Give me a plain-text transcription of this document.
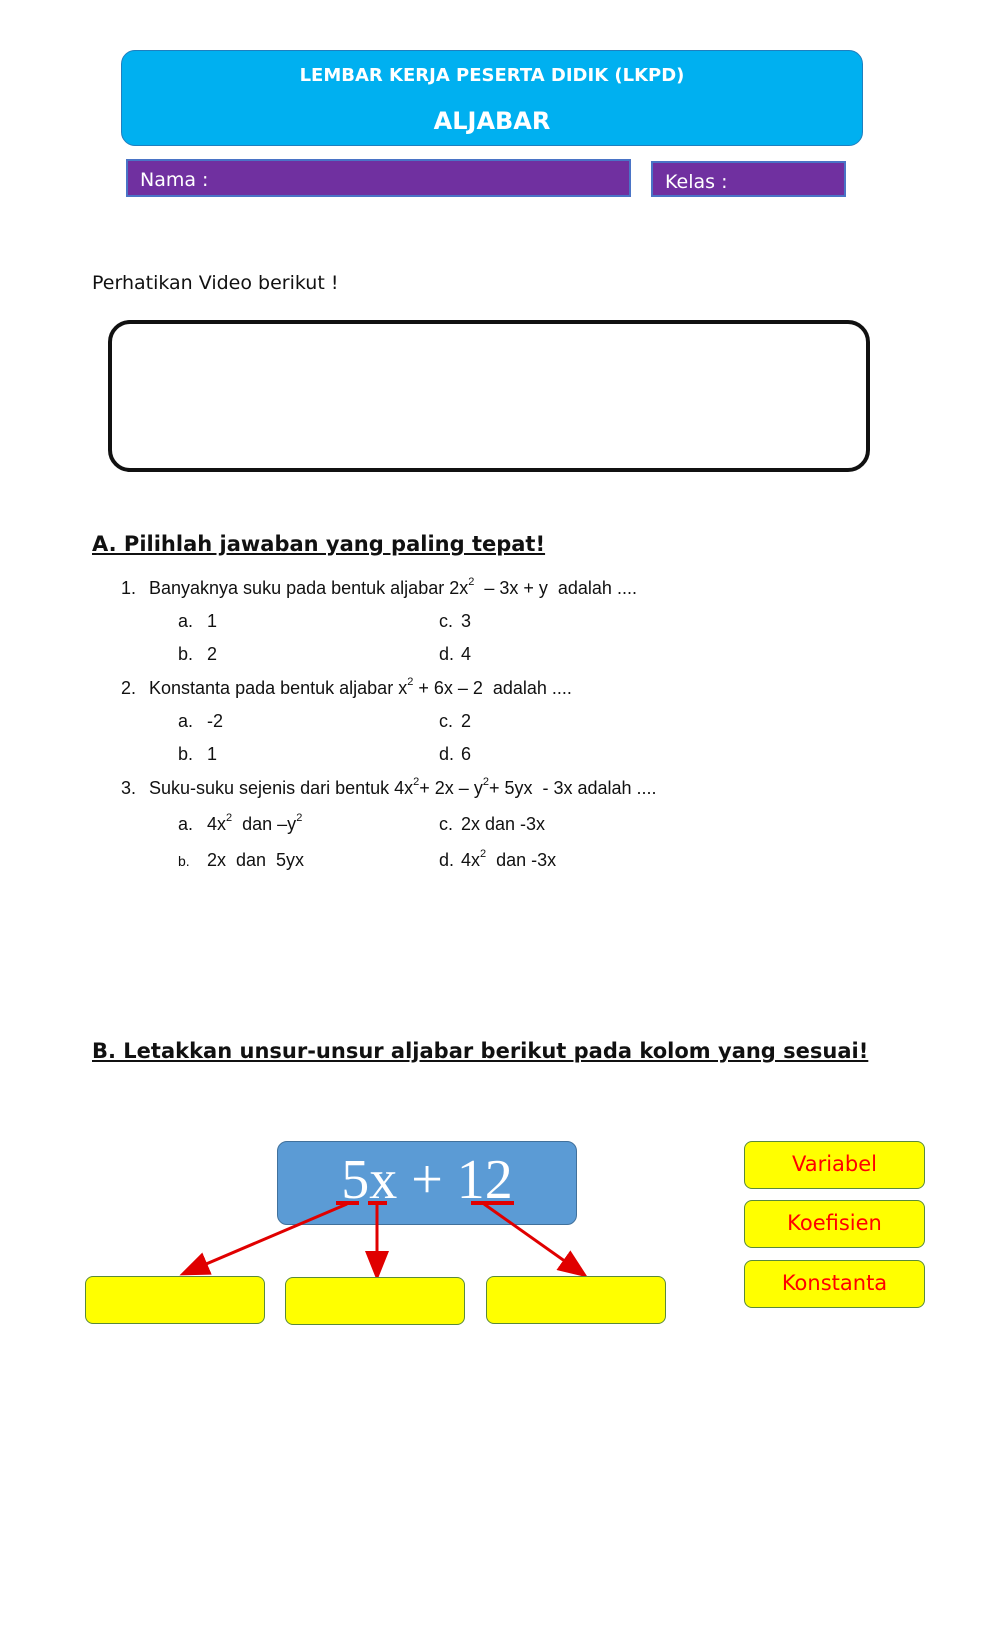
LEMBAR KERJA PESERTA DIDIK (LKPD)
ALJABAR
Nama :	Kelas :
Perhatikan Video berikut !
A. Pilihlah jawaban yang paling tepat!
1. Banyaknya suku pada bentuk aljabar $2x^2 - 3x + y$  adalah ....
a. 1	c. 3
b. 2	d. 4
2. Konstanta pada bentuk aljabar $x^2 + 6x - 2$  adalah ....
a. -2	c. 2
b. 1	d. 6
3. Suku-suku sejenis dari bentuk $4x^2+ 2x - y^2+ 5yx - 3x$ adalah ....
a. $4x^2$  dan $-y^2$	c. 2x dan -3x
b. 2x  dan  5yx	d. $4x^2$  dan -3x
B. Letakkan unsur-unsur aljabar berikut pada kolom yang sesuai!
5x + 12	Variabel
Koefisien
Konstanta
